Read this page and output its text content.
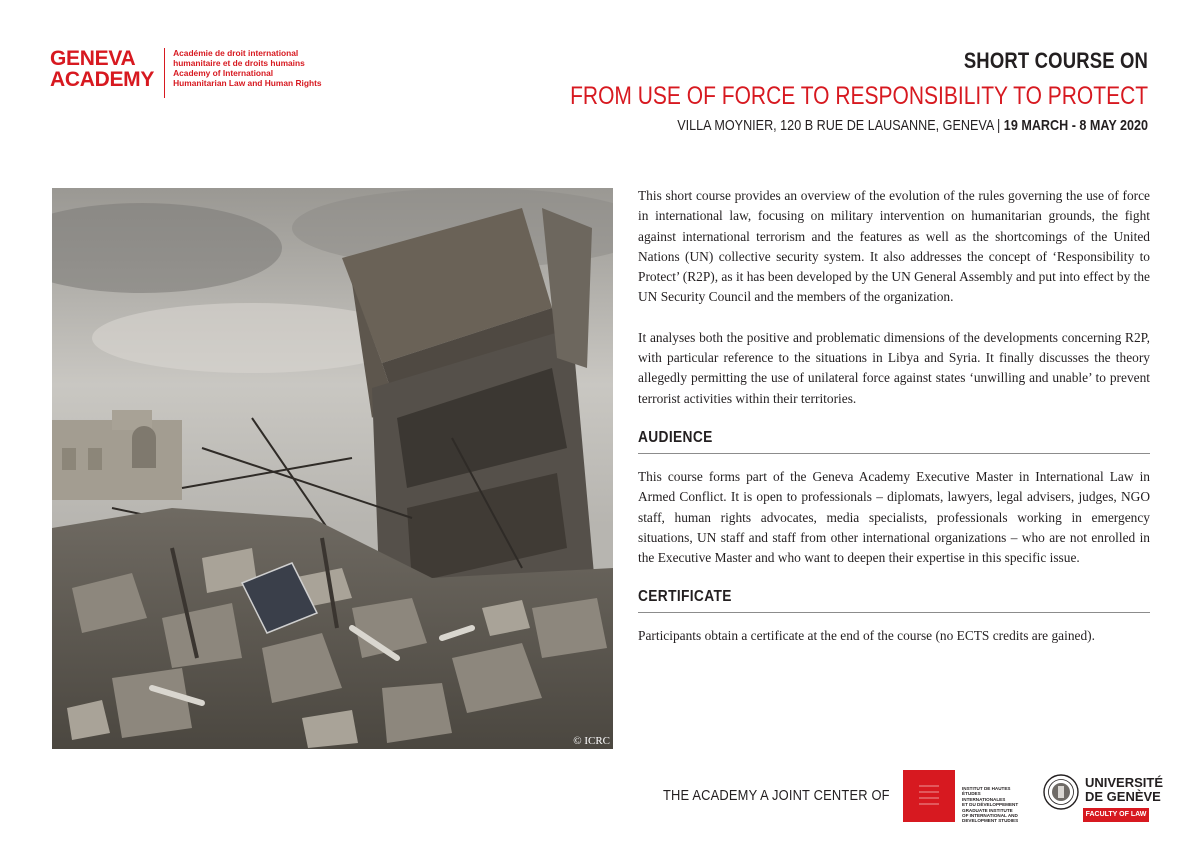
GENEVA
ACADEMY
Académie de droit international
humanitaire et de droits humains
Academy of International
Humanitarian Law and Human Rights
SHORT COURSE ON
FROM USE OF FORCE TO RESPONSIBILITY TO PROTECT
VILLA MOYNIER, 120 B RUE DE LAUSANNE, GENEVA | 19 MARCH - 8 MAY 2020
© ICRC

This short course provides an overview of the evolution of the rules governing the use of force in international law, focusing on military intervention on humanitarian grounds, the fight against international terrorism and the features as well as the shortcomings of the United Nations (UN) collective security system. It also addresses the concept of ‘Responsibility to Protect’ (R2P), as it has been developed by the UN General Assembly and put into effect by the UN Security Council and the members of the organization.

It analyses both the positive and problematic dimensions of the developments concerning R2P, with particular reference to the situations in Libya and Syria. It finally discusses the theory allegedly permitting the use of unilateral force against states ‘unwilling and unable’ to prevent terrorist activities within their territories.

AUDIENCE

This course forms part of the Geneva Academy Executive Master in International Law in Armed Conflict. It is open to professionals – diplomats, lawyers, legal advisers, judges, NGO staff, human rights advocates, media specialists, professionals working in emergency situations, UN staff and staff from other international organizations – who are not enrolled in the Executive Master and who want to deepen their expertise in this specific issue.

CERTIFICATE

Participants obtain a certificate at the end of the course (no ECTS credits are gained).

THE ACADEMY A JOINT CENTER OF	INSTITUT DE HAUTES
ÉTUDES INTERNATIONALES
ET DU DÉVELOPPEMENT
GRADUATE INSTITUTE
OF INTERNATIONAL AND
DEVELOPMENT STUDIES
UNIVERSITÉ
DE GENÈVE
FACULTY OF LAW
